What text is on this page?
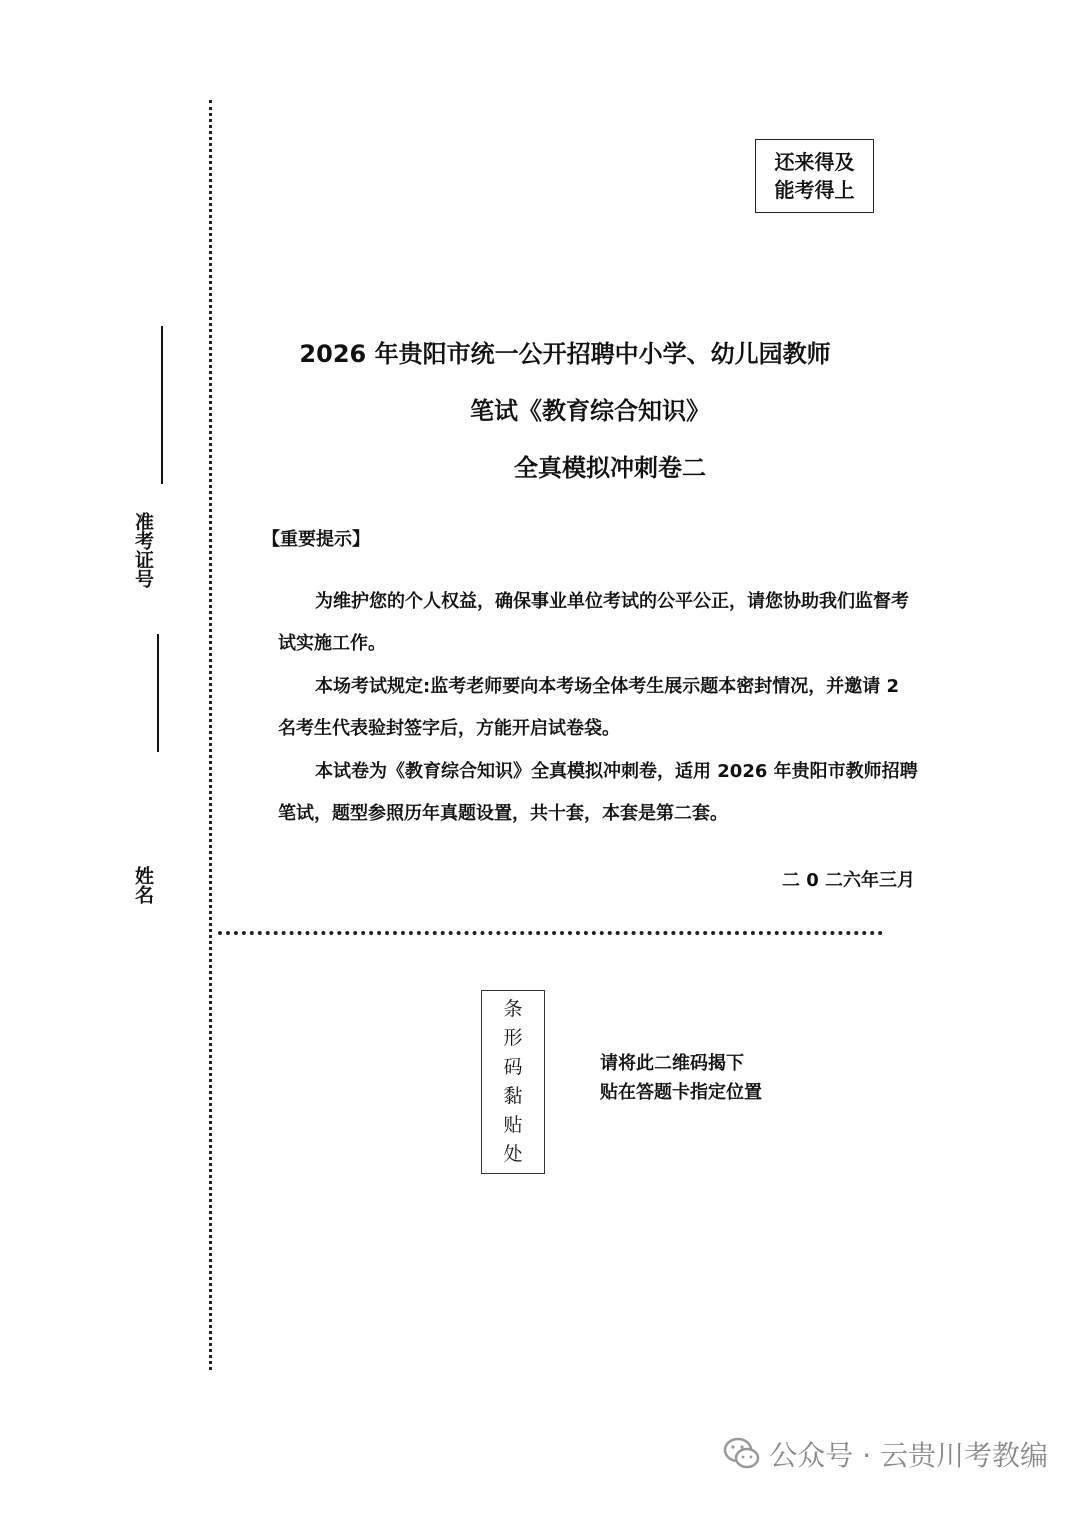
准考证号
姓名
还来得及
能考得上
2026 年贵阳市统一公开招聘中小学、幼儿园教师
笔试《教育综合知识》
全真模拟冲刺卷二
【重要提示】
为维护您的个人权益，确保事业单位考试的公平公正，请您协助我们监督考试实施工作。
本场考试规定:监考老师要向本考场全体考生展示题本密封情况，并邀请 2 名考生代表验封签字后，方能开启试卷袋。
本试卷为《教育综合知识》全真模拟冲刺卷，适用 2026 年贵阳市教师招聘笔试，题型参照历年真题设置，共十套，本套是第二套。
二 0 二六年三月
条
形
码
黏
贴
处
请将此二维码揭下
贴在答题卡指定位置
公众号 · 云贵川考教编
